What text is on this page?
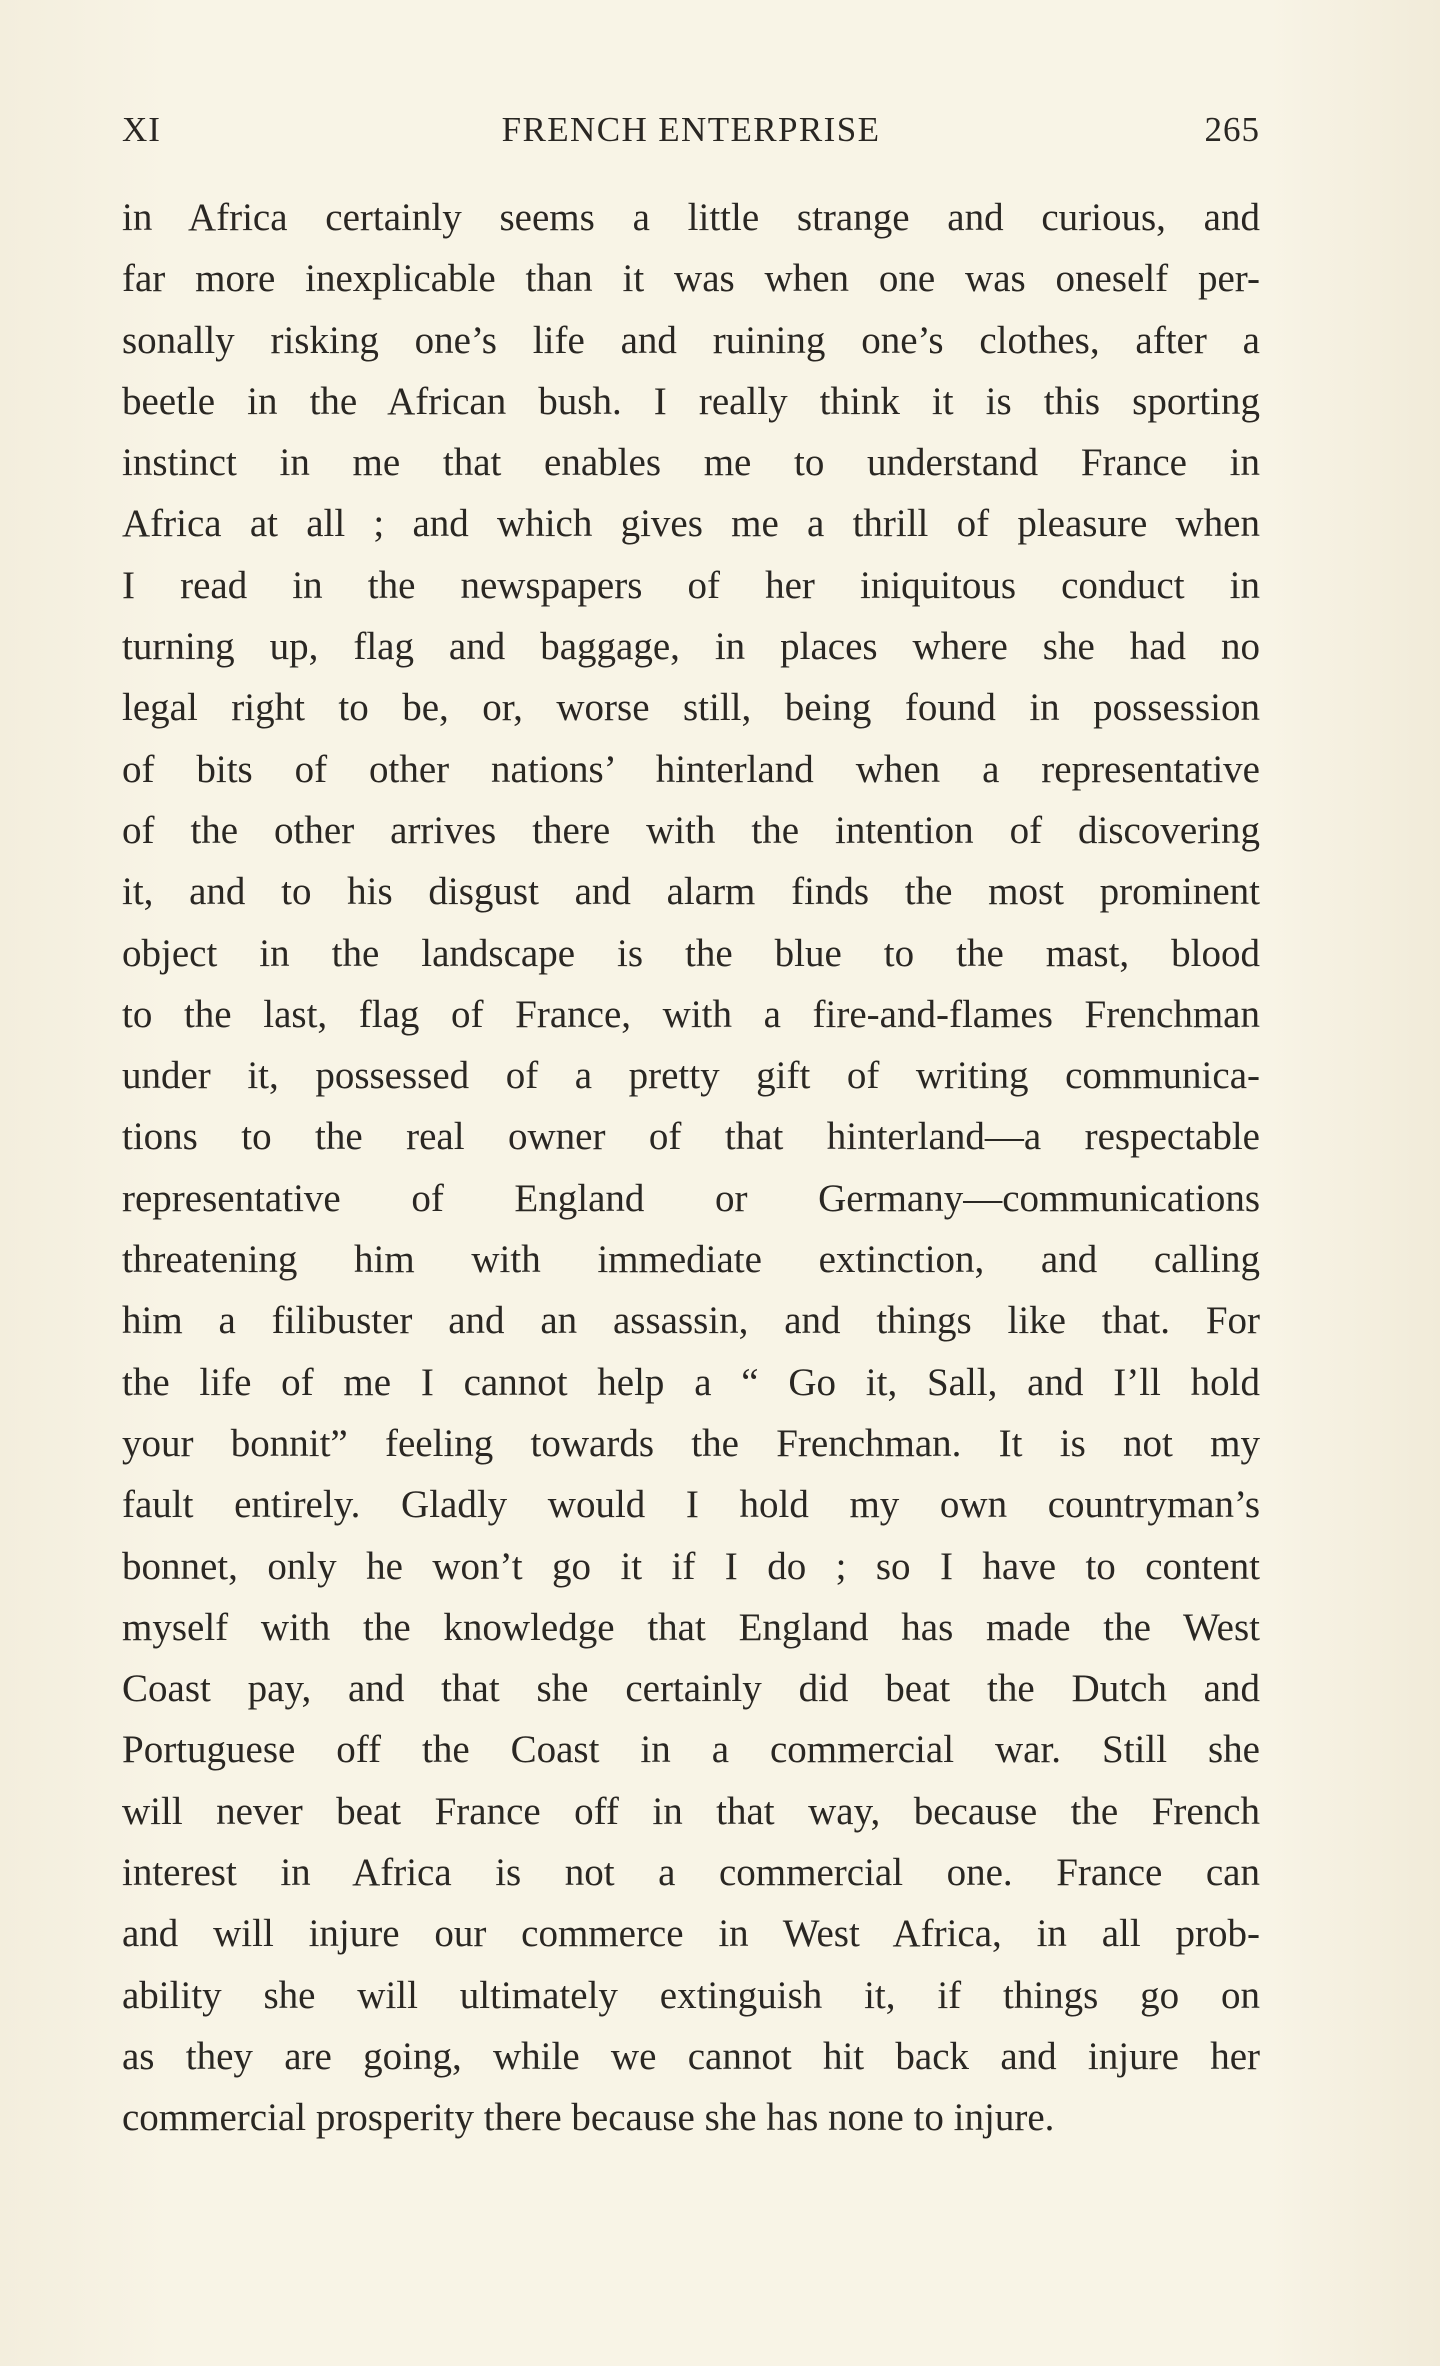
XI	FRENCH ENTERPRISE	265
in Africa certainly seems a little strange and curious, and
far more inexplicable than it was when one was oneself per-
sonally risking one’s life and ruining one’s clothes, after a
beetle in the African bush. I really think it is this sporting
instinct in me that enables me to understand France in
Africa at all ; and which gives me a thrill of pleasure when
I read in the newspapers of her iniquitous conduct in
turning up, flag and baggage, in places where she had no
legal right to be, or, worse still, being found in possession
of bits of other nations’ hinterland when a representative
of the other arrives there with the intention of discovering
it, and to his disgust and alarm finds the most prominent
object in the landscape is the blue to the mast, blood
to the last, flag of France, with a fire-and-flames Frenchman
under it, possessed of a pretty gift of writing communica-
tions to the real owner of that hinterland—a respectable
representative of England or Germany—communications
threatening him with immediate extinction, and calling
him a filibuster and an assassin, and things like that. For
the life of me I cannot help a “ Go it, Sall, and I’ll hold
your bonnit” feeling towards the Frenchman. It is not my
fault entirely. Gladly would I hold my own countryman’s
bonnet, only he won’t go it if I do ; so I have to content
myself with the knowledge that England has made the West
Coast pay, and that she certainly did beat the Dutch and
Portuguese off the Coast in a commercial war. Still she
will never beat France off in that way, because the French
interest in Africa is not a commercial one. France can
and will injure our commerce in West Africa, in all prob-
ability she will ultimately extinguish it, if things go on
as they are going, while we cannot hit back and injure her
commercial prosperity there because she has none to injure.
